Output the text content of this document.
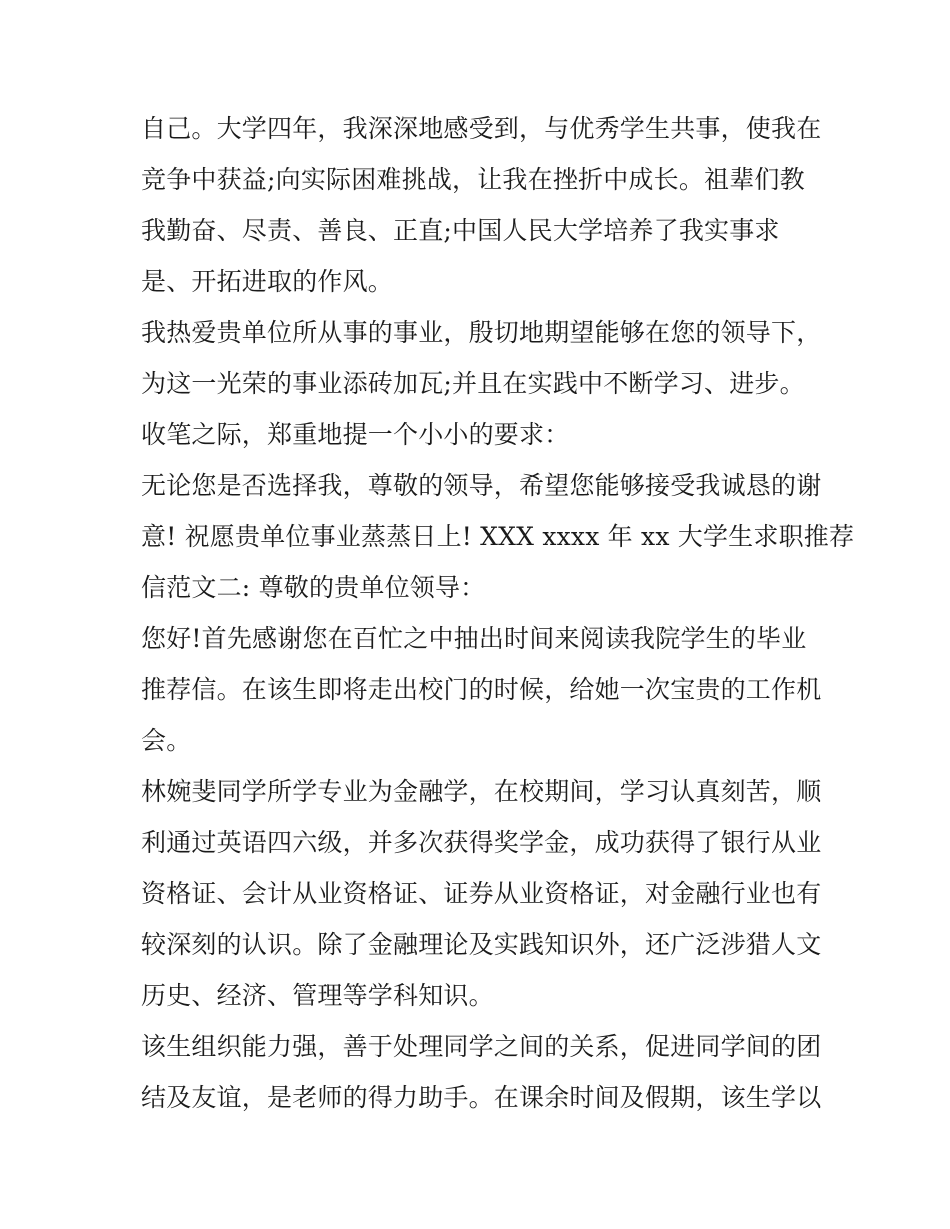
自己。大学四年，我深深地感受到，与优秀学生共事，使我在
竞争中获益;向实际困难挑战，让我在挫折中成长。祖辈们教
我勤奋、尽责、善良、正直;中国人民大学培养了我实事求
是、开拓进取的作风。
我热爱贵单位所从事的事业，殷切地期望能够在您的领导下，
为这一光荣的事业添砖加瓦;并且在实践中不断学习、进步。
收笔之际，郑重地提一个小小的要求：
无论您是否选择我，尊敬的领导，希望您能够接受我诚恳的谢
意! 祝愿贵单位事业蒸蒸日上! XXX xxxx 年 xx 大学生求职推荐
信范文二: 尊敬的贵单位领导：
您好!首先感谢您在百忙之中抽出时间来阅读我院学生的毕业
推荐信。在该生即将走出校门的时候，给她一次宝贵的工作机
会。
林婉斐同学所学专业为金融学，在校期间，学习认真刻苦，顺
利通过英语四六级，并多次获得奖学金，成功获得了银行从业
资格证、会计从业资格证、证券从业资格证，对金融行业也有
较深刻的认识。除了金融理论及实践知识外，还广泛涉猎人文
历史、经济、管理等学科知识。
该生组织能力强，善于处理同学之间的关系，促进同学间的团
结及友谊，是老师的得力助手。在课余时间及假期，该生学以
